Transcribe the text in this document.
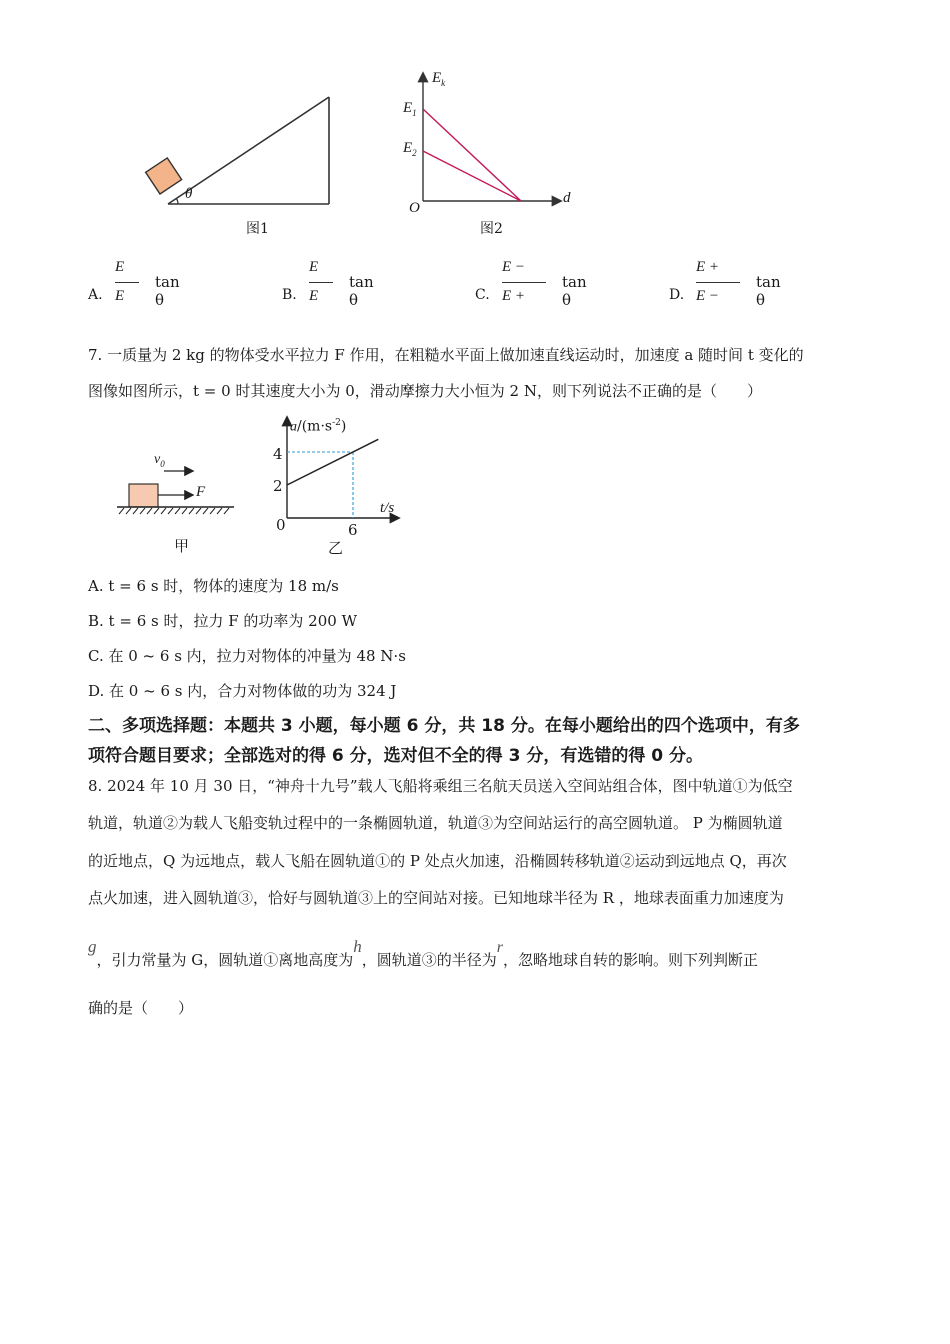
θ
图1
$E_k$
$E_1$
$E_2$
O
d
图2
A.
E
E
tan θ	B.
E
E
tan θ	C.
E −
E +
tan θ	D.
E +
E −
tan θ
7. 一质量为 2 kg 的物体受水平拉力 F 作用，在粗糙水平面上做加速直线运动时，加速度 a 随时间 t 变化的
图像如图所示，t = 0 时其速度大小为 0，滑动摩擦力大小恒为 2 N，则下列说法不正确的是（　　）
$v_0$
F
甲
$a/(m\cdot s^{-2})$
4
2
0	6
t/s
乙
A. t = 6 s 时，物体的速度为 18 m/s
B. t = 6 s 时，拉力 F 的功率为 200 W
C. 在 0 ~ 6 s 内，拉力对物体的冲量为 48 N·s
D. 在 0 ~ 6 s 内，合力对物体做的功为 324 J
二、多项选择题：本题共 3 小题，每小题 6 分，共 18 分。在每小题给出的四个选项中，有多
项符合题目要求；全部选对的得 6 分，选对但不全的得 3 分，有选错的得 0 分。
8. 2024 年 10 月 30 日，“神舟十九号”载人飞船将乘组三名航天员送入空间站组合体，图中轨道①为低空
轨道，轨道②为载人飞船变轨过程中的一条椭圆轨道，轨道③为空间站运行的高空圆轨道。 P 为椭圆轨道
的近地点，Q 为远地点，载人飞船在圆轨道①的 P 处点火加速，沿椭圆转移轨道②运动到远地点 Q，再次
点火加速，进入圆轨道③，恰好与圆轨道③上的空间站对接。已知地球半径为 R ，地球表面重力加速度为
g，引力常量为 G，圆轨道①离地高度为h，圆轨道③的半径为r，忽略地球自转的影响。则下列判断正
确的是（　　）
